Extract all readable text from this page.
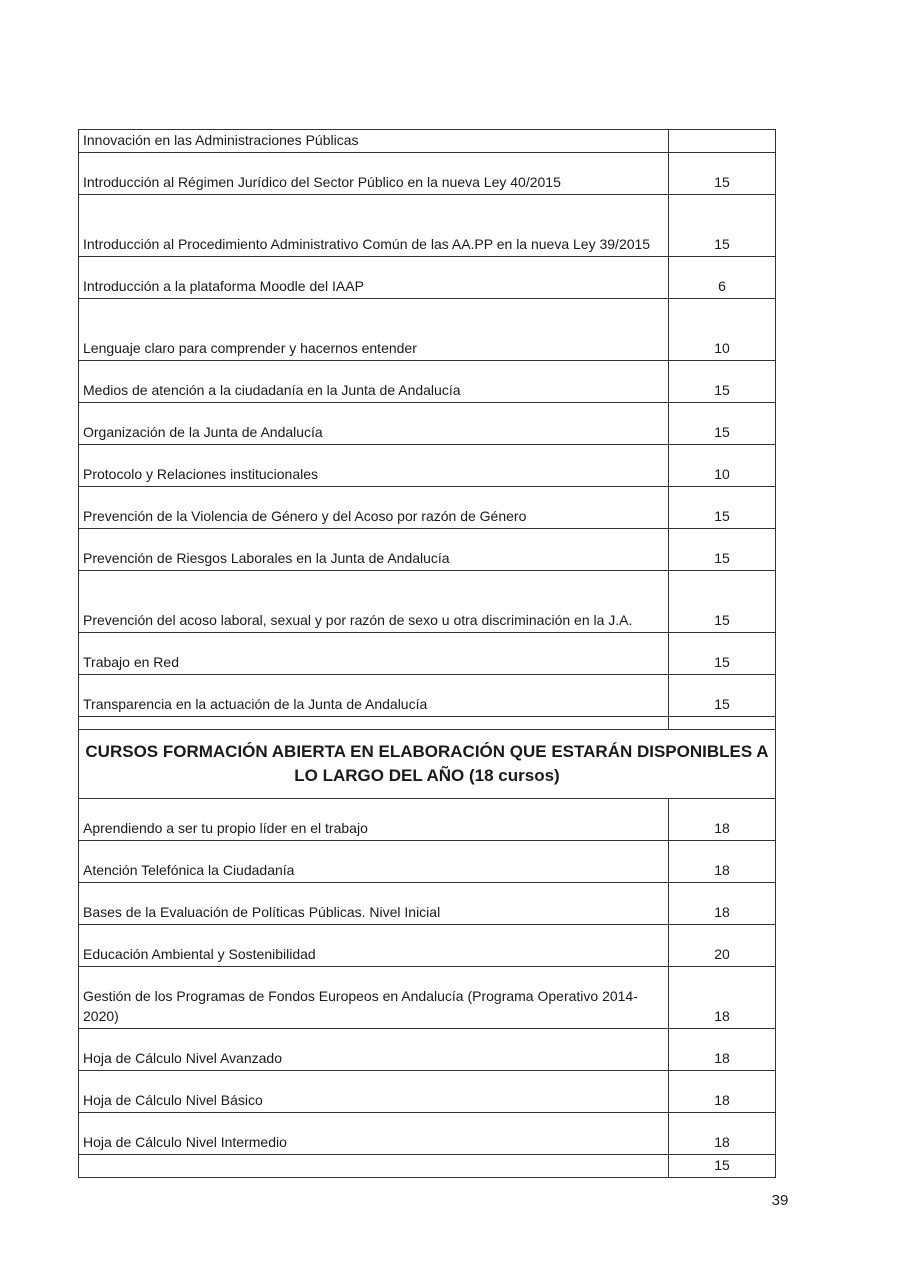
Innovación en las Administraciones Públicas	
Introducción al Régimen Jurídico del Sector Público en la nueva Ley 40/2015	15
Introducción al Procedimiento Administrativo Común de las AA.PP en la nueva Ley 39/2015	15
Introducción a la plataforma Moodle del IAAP	6
Lenguaje claro para comprender y hacernos entender	10
Medios de atención a la ciudadanía en la Junta de Andalucía	15
Organización de la Junta de Andalucía	15
Protocolo y Relaciones institucionales	10
Prevención de la Violencia de Género y del Acoso por razón de Género	15
Prevención de Riesgos Laborales en la Junta de Andalucía	15
Prevención del acoso laboral, sexual y por razón de sexo u otra discriminación en la J.A.	15
Trabajo en Red	15
Transparencia en la actuación de la Junta de Andalucía	15

CURSOS FORMACIÓN ABIERTA EN ELABORACIÓN QUE ESTARÁN DISPONIBLES A LO LARGO DEL AÑO (18 cursos)	
Aprendiendo a ser tu propio líder en el trabajo	18
Atención Telefónica la Ciudadanía	18
Bases de la Evaluación de Políticas Públicas. Nivel Inicial	18
Educación Ambiental y Sostenibilidad	20
Gestión de los Programas de Fondos Europeos en Andalucía (Programa Operativo 2014-2020)	18
Hoja de Cálculo Nivel Avanzado	18
Hoja de Cálculo Nivel Básico	18
Hoja de Cálculo Nivel Intermedio	18
	15
39
